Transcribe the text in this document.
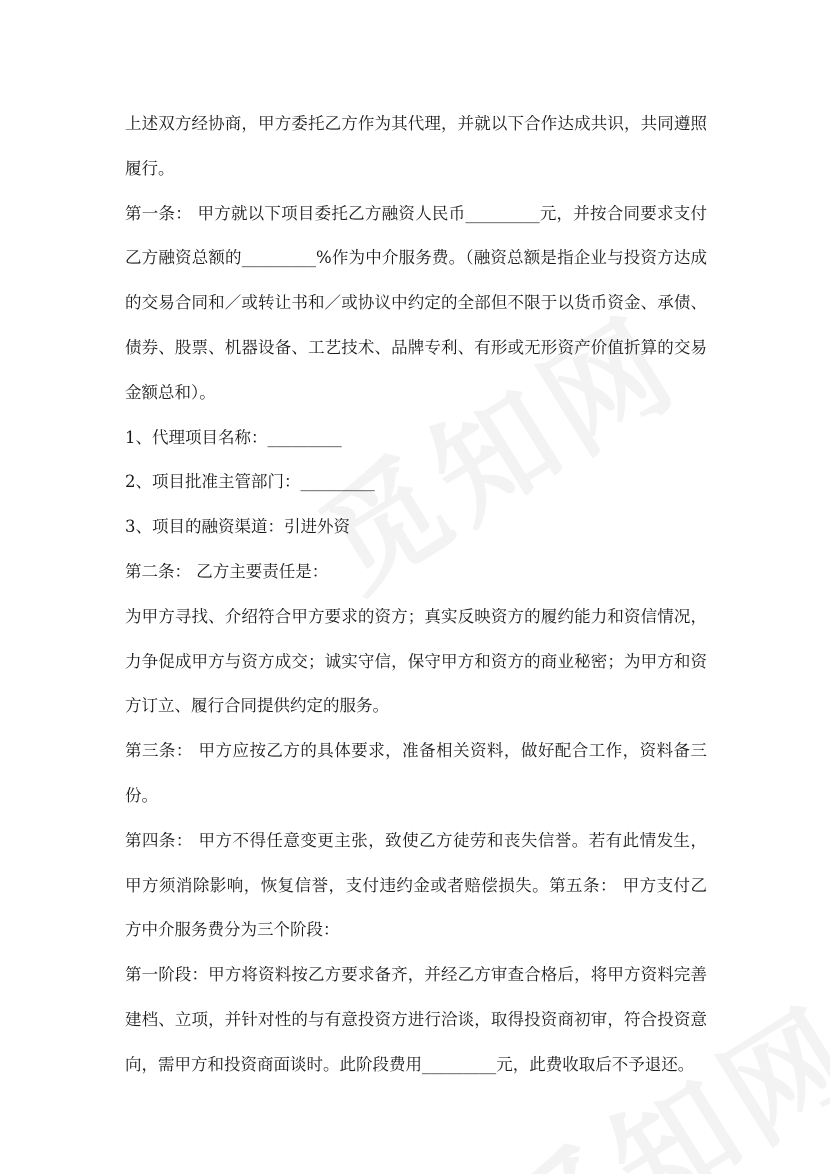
上述双方经协商，甲方委托乙方作为其代理，并就以下合作达成共识，共同遵照履行。

第一条： 甲方就以下项目委托乙方融资人民币_________元，并按合同要求支付乙方融资总额的_________%作为中介服务费。（融资总额是指企业与投资方达成的交易合同和／或转让书和／或协议中约定的全部但不限于以货币资金、承债、债券、股票、机器设备、工艺技术、品牌专利、有形或无形资产价值折算的交易金额总和）。

1、代理项目名称：_________

2、项目批准主管部门：_________

3、项目的融资渠道：引进外资

第二条： 乙方主要责任是：

为甲方寻找、介绍符合甲方要求的资方；真实反映资方的履约能力和资信情况，力争促成甲方与资方成交；诚实守信，保守甲方和资方的商业秘密；为甲方和资方订立、履行合同提供约定的服务。

第三条： 甲方应按乙方的具体要求，准备相关资料，做好配合工作，资料备三份。

第四条： 甲方不得任意变更主张，致使乙方徒劳和丧失信誉。若有此情发生，甲方须消除影响，恢复信誉，支付违约金或者赔偿损失。第五条： 甲方支付乙方中介服务费分为三个阶段：

第一阶段：甲方将资料按乙方要求备齐，并经乙方审查合格后，将甲方资料完善建档、立项，并针对性的与有意投资方进行洽谈，取得投资商初审，符合投资意向，需甲方和投资商面谈时。此阶段费用_________元，此费收取后不予退还。
